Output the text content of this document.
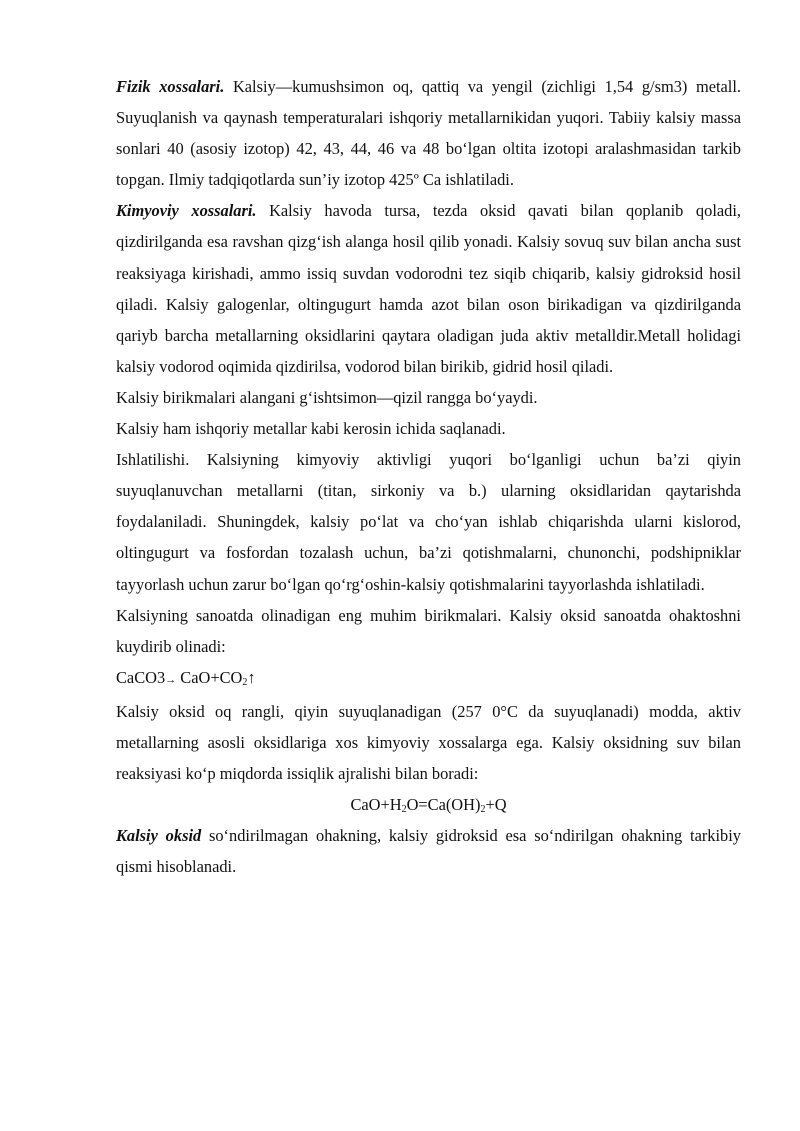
Fizik xossalari. Kalsiy—kumushsimon oq, qattiq va yengil (zichligi 1,54 g/sm3) metall. Suyuqlanish va qaynash temperaturalari ishqoriy metallarnikidan yuqori. Tabiiy kalsiy massa sonlari 40 (asosiy izotop) 42, 43, 44, 46 va 48 bo‘lgan oltita izotopi aralashmasidan tarkib topgan. Ilmiy tadqiqotlarda sun’iy izotop 425º Ca ishlatiladi.

Kimyoviy xossalari. Kalsiy havoda tursa, tezda oksid qavati bilan qoplanib qoladi, qizdirilganda esa ravshan qizg‘ish alanga hosil qilib yonadi. Kalsiy sovuq suv bilan ancha sust reaksiyaga kirishadi, ammo issiq suvdan vodorodni tez siqib chiqarib, kalsiy gidroksid hosil qiladi. Kalsiy galogenlar, oltingugurt hamda azot bilan oson birikadigan va qizdirilganda qariyb barcha metallarning oksidlarini qaytara oladigan juda aktiv metalldir.Metall holidagi kalsiy vodorod oqimida qizdirilsa, vodorod bilan birikib, gidrid hosil qiladi.

Kalsiy birikmalari alangani g‘ishtsimon—qizil rangga bo‘yaydi.

Kalsiy ham ishqoriy metallar kabi kerosin ichida saqlanadi.

Ishlatilishi. Kalsiyning kimyoviy aktivligi yuqori bo‘lganligi uchun ba’zi qiyin suyuqlanuvchan metallarni (titan, sirkoniy va b.) ularning oksidlaridan qaytarishda foydalaniladi. Shuningdek, kalsiy po‘lat va cho‘yan ishlab chiqarishda ularni kislorod, oltingugurt va fosfordan tozalash uchun, ba’zi qotishmalarni, chunonchi, podshipniklar tayyorlash uchun zarur bo‘lgan qo‘rg‘oshin-kalsiy qotishmalarini tayyorlashda ishlatiladi.

Kalsiyning sanoatda olinadigan eng muhim birikmalari. Kalsiy oksid sanoatda ohaktoshni kuydirib olinadi:

CaCO3→ $CaO+CO_2↑$

Kalsiy oksid oq rangli, qiyin suyuqlanadigan (257 0°C da suyuqlanadi) modda, aktiv metallarning asosli oksidlariga xos kimyoviy xossalarga ega. Kalsiy oksidning suv bilan reaksiyasi ko‘p miqdorda issiqlik ajralishi bilan boradi:

$CaO+H_2O=Ca(OH)_2+Q$

Kalsiy oksid so‘ndirilmagan ohakning, kalsiy gidroksid esa so‘ndirilgan ohakning tarkibiy qismi hisoblanadi.
